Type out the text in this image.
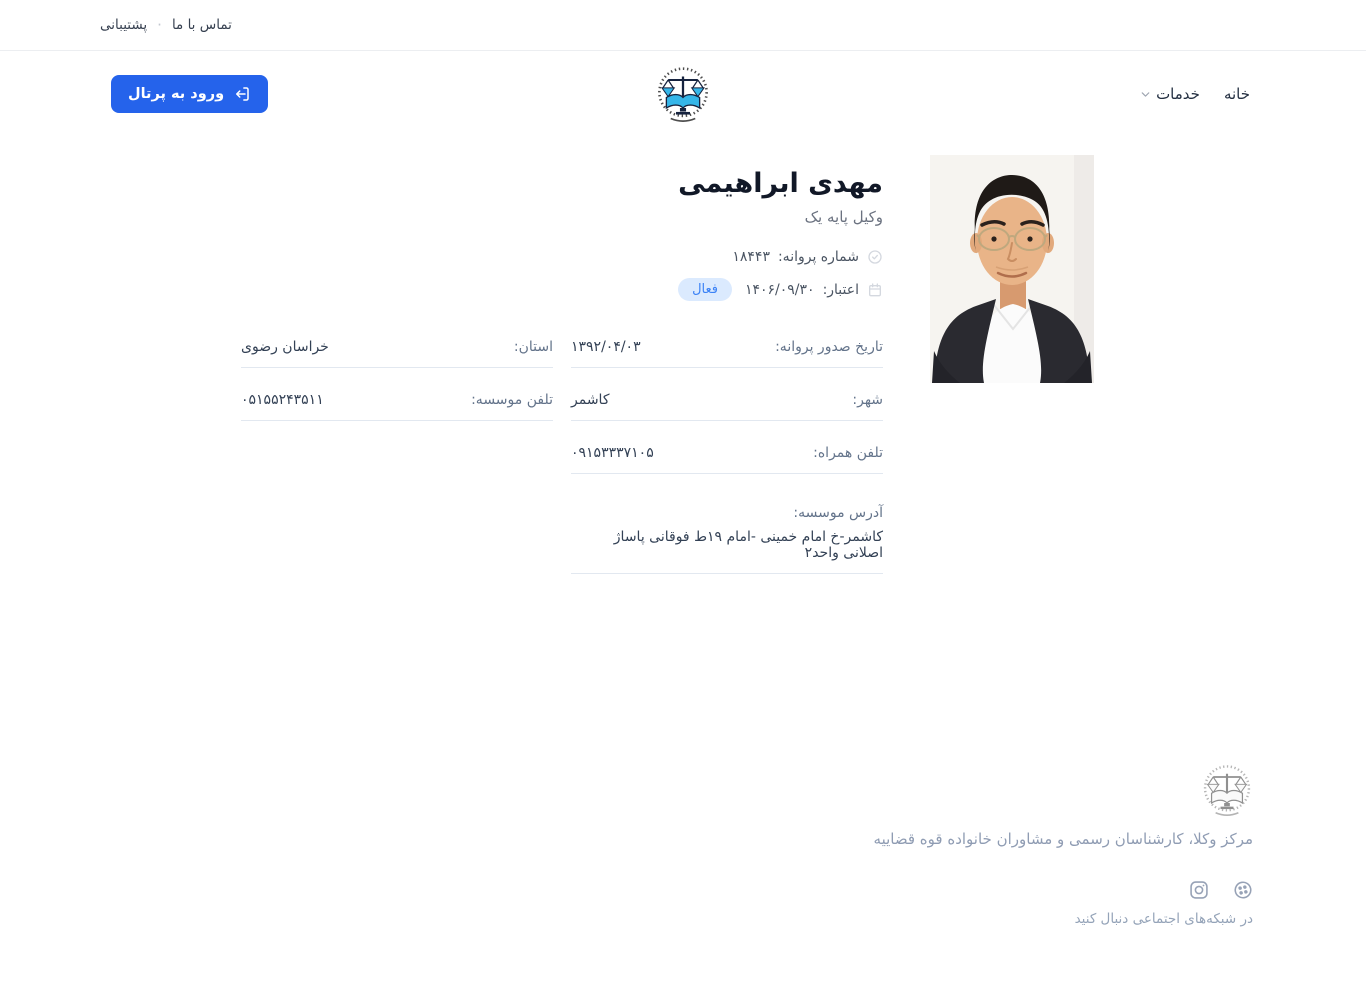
تماس با ما
·
پشتیبانی
ورود به پرتال	خانه
خدمات
مهدی ابراهیمی
وکیل پایه یک
شماره پروانه:
۱۸۴۴۳
اعتبار:
۱۴۰۶/۰۹/۳۰
فعال
تاریخ صدور پروانه:
۱۳۹۲/۰۴/۰۳
استان:
خراسان رضوی
شهر:
کاشمر
تلفن موسسه:
۰۵۱۵۵۲۴۳۵۱۱
تلفن همراه:
۰۹۱۵۳۳۳۷۱۰۵
آدرس موسسه:
کاشمر-خ امام خمینی -امام ۱۹ط فوقانی پاساژ اصلانی واحد۲
مرکز وکلا، کارشناسان رسمی و مشاوران خانواده قوه قضاییه
در شبکه‌های اجتماعی دنبال کنید
